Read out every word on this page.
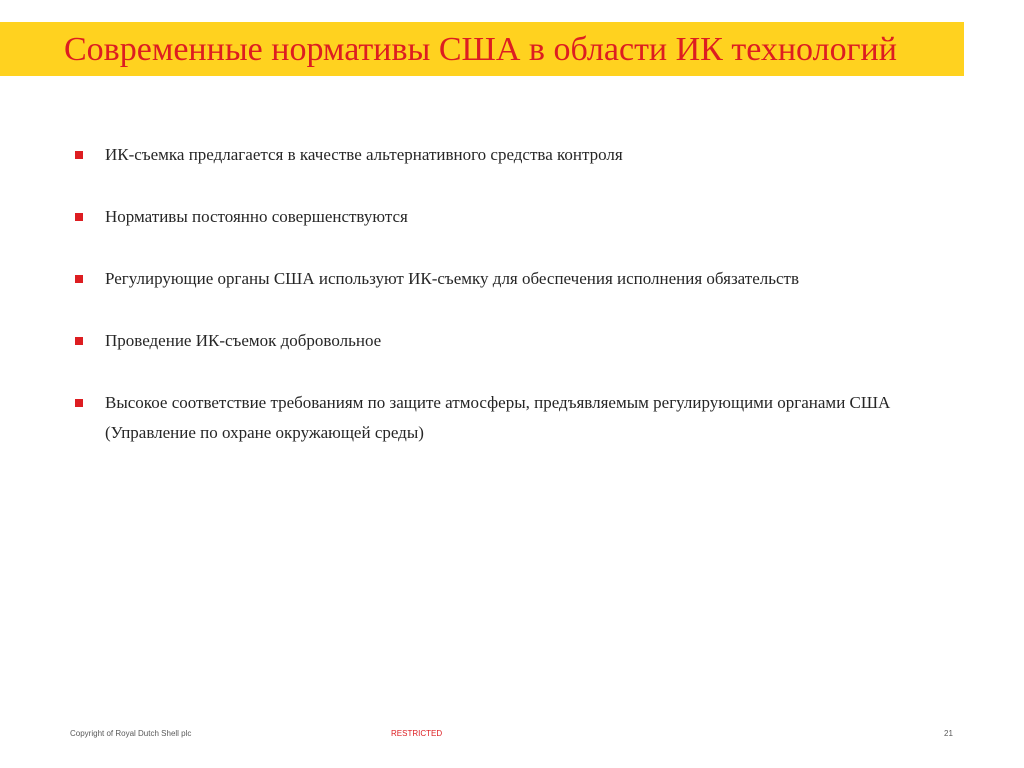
Современные нормативы США в области ИК технологий
ИК-съемка предлагается в качестве альтернативного средства контроля
Нормативы постоянно совершенствуются
Регулирующие органы США используют ИК-съемку для обеспечения исполнения обязательств
Проведение ИК-съемок добровольное
Высокое соответствие требованиям по защите атмосферы, предъявляемым регулирующими органами США (Управление по охране окружающей среды)
Copyright of Royal Dutch Shell plc	RESTRICTED	21
